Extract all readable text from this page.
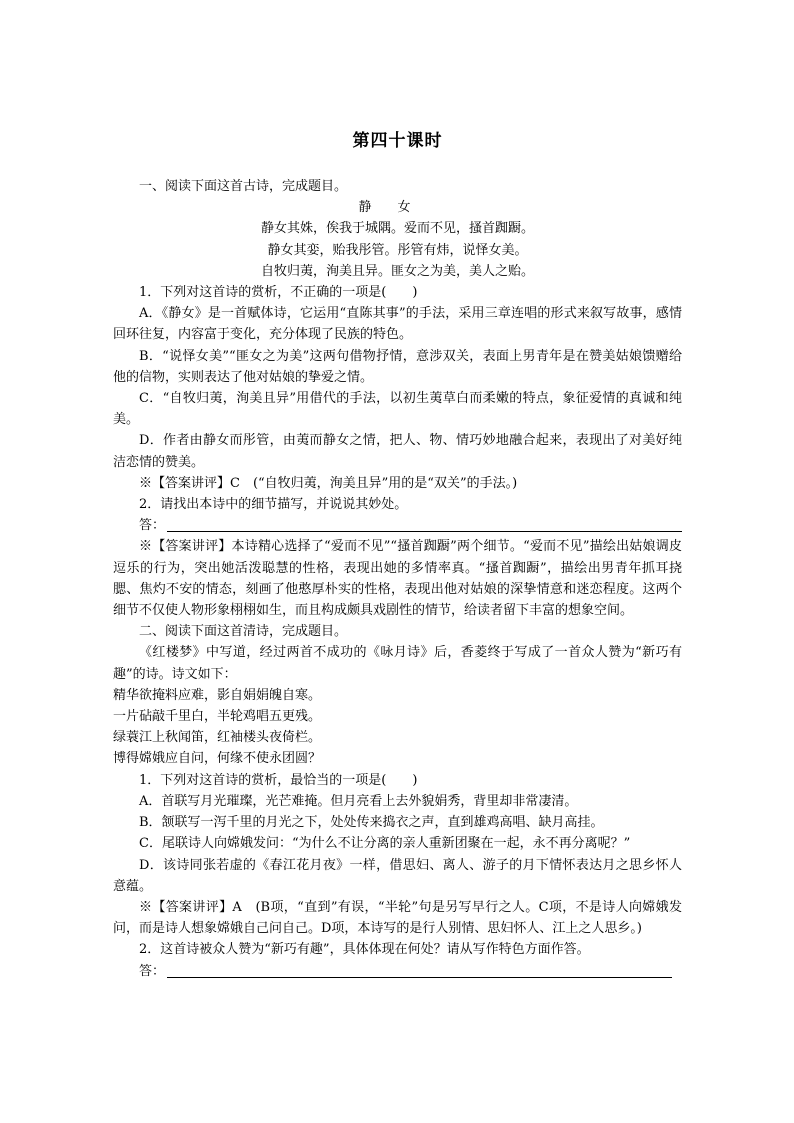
第四十课时

一、阅读下面这首古诗，完成题目。

静女

静女其姝，俟我于城隅。爱而不见，搔首踟蹰。

静女其娈，贻我彤管。彤管有炜，说怿女美。

自牧归荑，洵美且异。匪女之为美，美人之贻。

1．下列对这首诗的赏析，不正确的一项是(　　)

A．《静女》是一首赋体诗，它运用“直陈其事”的手法，采用三章连唱的形式来叙写故事，感情回环往复，内容富于变化，充分体现了民族的特色。

B．“说怿女美”“匪女之为美”这两句借物抒情，意涉双关，表面上男青年是在赞美姑娘馈赠给他的信物，实则表达了他对姑娘的挚爱之情。

C．“自牧归荑，洵美且异”用借代的手法，以初生荑草白而柔嫩的特点，象征爱情的真诚和纯美。

D．作者由静女而彤管，由荑而静女之情，把人、物、情巧妙地融合起来，表现出了对美好纯洁恋情的赞美。

※【答案讲评】C　(“自牧归荑，洵美且异”用的是“双关”的手法。)

2．请找出本诗中的细节描写，并说说其妙处。

答：

※【答案讲评】本诗精心选择了“爱而不见”“搔首踟蹰”两个细节。“爱而不见”描绘出姑娘调皮逗乐的行为，突出她活泼聪慧的性格，表现出她的多情率真。“搔首踟蹰”，描绘出男青年抓耳挠腮、焦灼不安的情态，刻画了他憨厚朴实的性格，表现出他对姑娘的深挚情意和迷恋程度。这两个细节不仅使人物形象栩栩如生，而且构成颇具戏剧性的情节，给读者留下丰富的想象空间。

二、阅读下面这首清诗，完成题目。

《红楼梦》中写道，经过两首不成功的《咏月诗》后，香菱终于写成了一首众人赞为“新巧有趣”的诗。诗文如下：

精华欲掩料应难，影自娟娟魄自寒。

一片砧敲千里白，半轮鸡唱五更残。

绿蓑江上秋闻笛，红袖楼头夜倚栏。

博得嫦娥应自问，何缘不使永团圆？

1．下列对这首诗的赏析，最恰当的一项是(　　)

A．首联写月光璀璨，光芒难掩。但月亮看上去外貌娟秀，背里却非常凄清。

B．颔联写一泻千里的月光之下，处处传来捣衣之声，直到雄鸡高唱、缺月高挂。

C．尾联诗人向嫦娥发问：“为什么不让分离的亲人重新团聚在一起，永不再分离呢？”

D．该诗同张若虚的《春江花月夜》一样，借思妇、离人、游子的月下情怀表达月之思乡怀人意蕴。

※【答案讲评】A　(B项，“直到”有误，“半轮”句是另写早行之人。C项，不是诗人向嫦娥发问，而是诗人想象嫦娥自己问自己。D项，本诗写的是行人别情、思妇怀人、江上之人思乡。)

2．这首诗被众人赞为“新巧有趣”，具体体现在何处？请从写作特色方面作答。

答：
